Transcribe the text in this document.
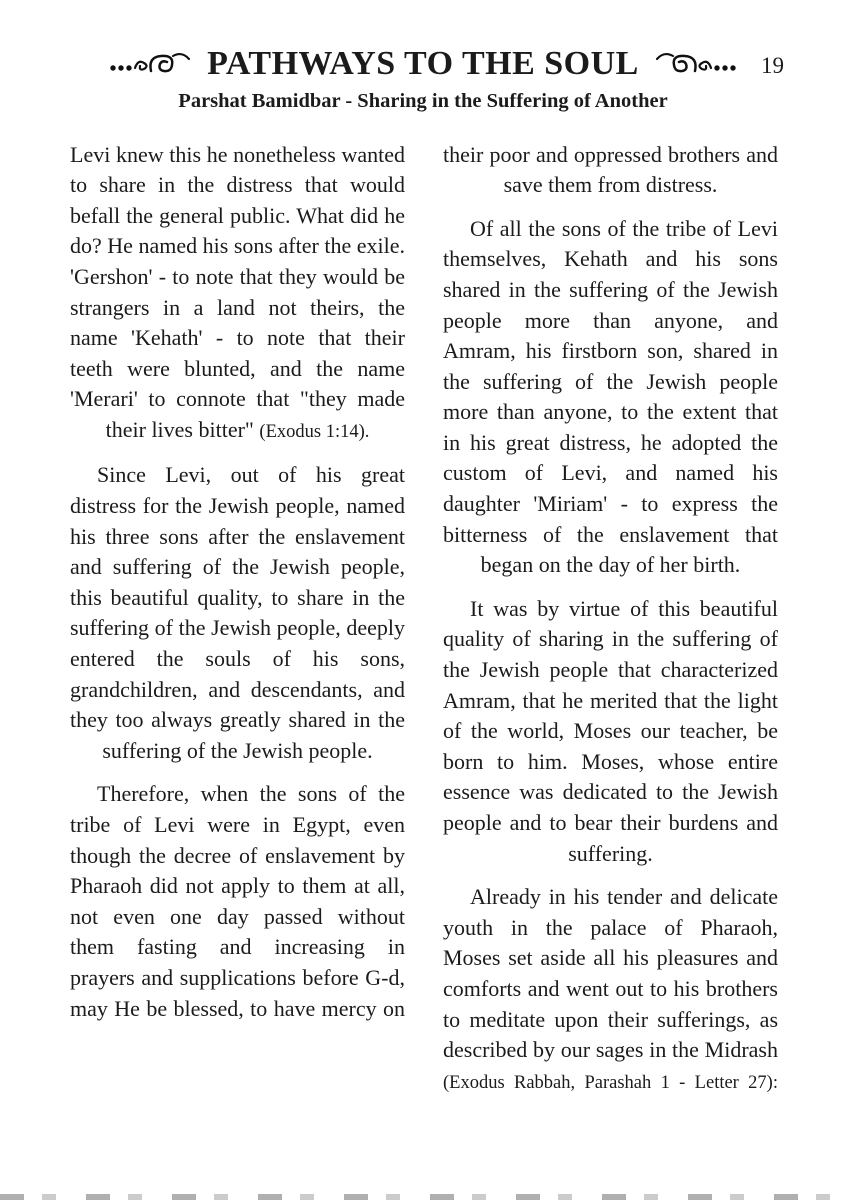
PATHWAYS TO THE SOUL	19
Parshat Bamidbar - Sharing in the Suffering of Another

Levi knew this he nonetheless wanted to share in the distress that would befall the general public. What did he do? He named his sons after the exile. 'Gershon' - to note that they would be strangers in a land not theirs, the name 'Kehath' - to note that their teeth were blunted, and the name 'Merari' to connote that "they made their lives bitter" (Exodus 1:14).

Since Levi, out of his great distress for the Jewish people, named his three sons after the enslavement and suffering of the Jewish people, this beautiful quality, to share in the suffering of the Jewish people, deeply entered the souls of his sons, grandchildren, and descendants, and they too always greatly shared in the suffering of the Jewish people.

Therefore, when the sons of the tribe of Levi were in Egypt, even though the decree of enslavement by Pharaoh did not apply to them at all, not even one day passed without them fasting and increasing in prayers and supplications before G-d, may He be blessed, to have mercy on

their poor and oppressed brothers and save them from distress.

Of all the sons of the tribe of Levi themselves, Kehath and his sons shared in the suffering of the Jewish people more than anyone, and Amram, his firstborn son, shared in the suffering of the Jewish people more than anyone, to the extent that in his great distress, he adopted the custom of Levi, and named his daughter 'Miriam' - to express the bitterness of the enslavement that began on the day of her birth.

It was by virtue of this beautiful quality of sharing in the suffering of the Jewish people that characterized Amram, that he merited that the light of the world, Moses our teacher, be born to him. Moses, whose entire essence was dedicated to the Jewish people and to bear their burdens and suffering.

Already in his tender and delicate youth in the palace of Pharaoh, Moses set aside all his pleasures and comforts and went out to his brothers to meditate upon their sufferings, as described by our sages in the Midrash (Exodus Rabbah, Parashah 1 - Letter 27):
